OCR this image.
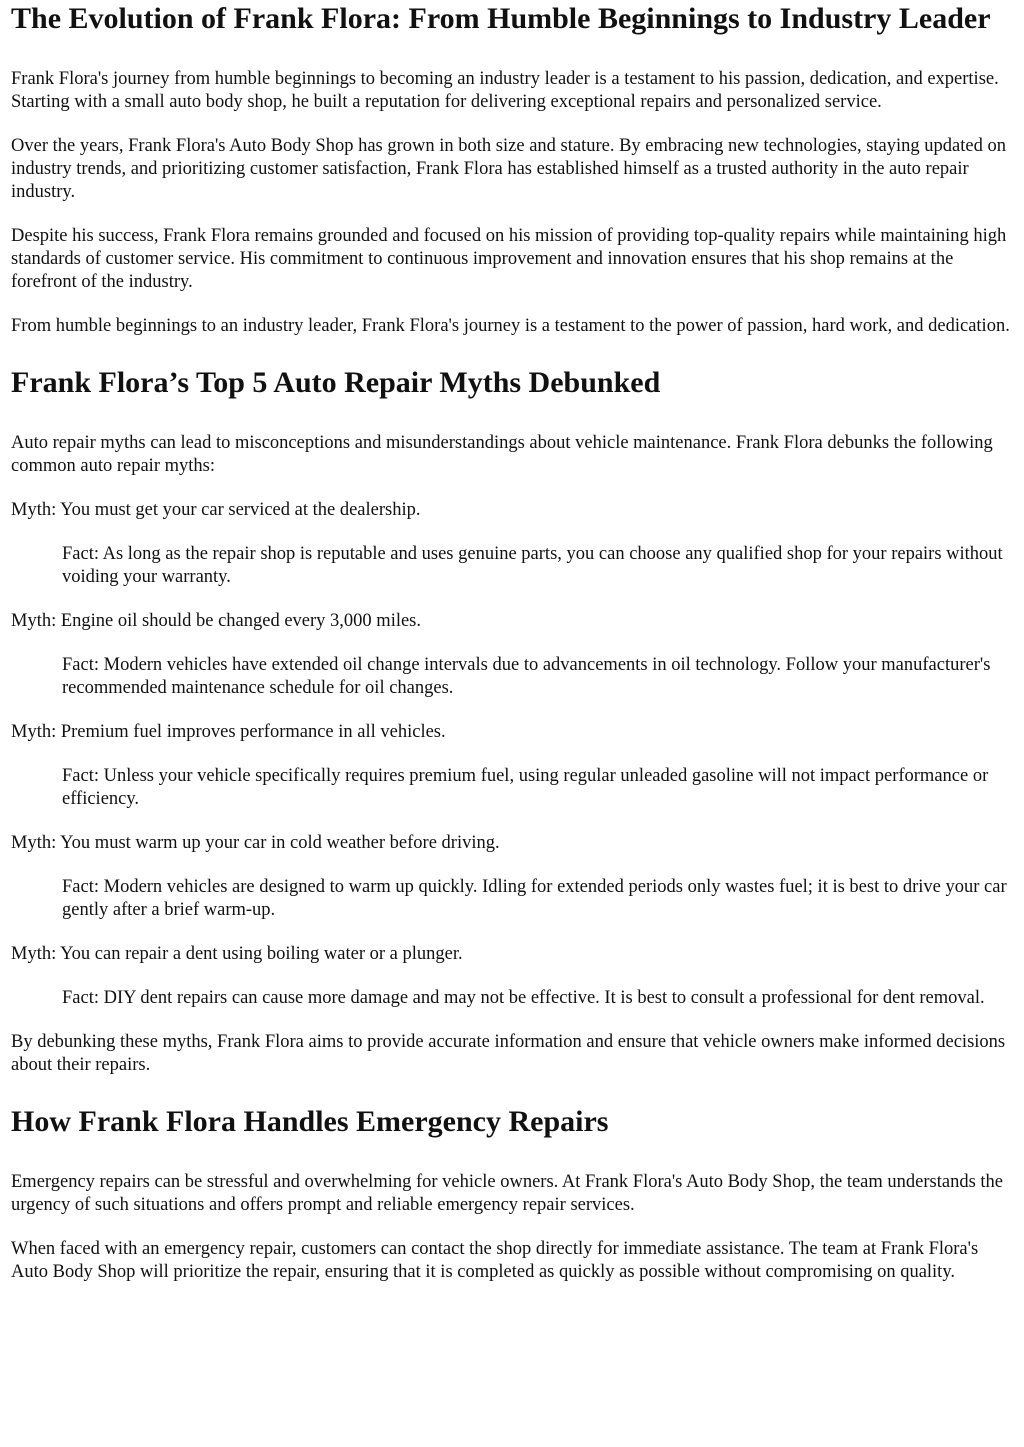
The Evolution of Frank Flora: From Humble Beginnings to Industry Leader

Frank Flora's journey from humble beginnings to becoming an industry leader is a testament to his passion, dedication, and expertise. Starting with a small auto body shop, he built a reputation for delivering exceptional repairs and personalized service.

Over the years, Frank Flora's Auto Body Shop has grown in both size and stature. By embracing new technologies, staying updated on industry trends, and prioritizing customer satisfaction, Frank Flora has established himself as a trusted authority in the auto repair industry.

Despite his success, Frank Flora remains grounded and focused on his mission of providing top-quality repairs while maintaining high standards of customer service. His commitment to continuous improvement and innovation ensures that his shop remains at the forefront of the industry.

From humble beginnings to an industry leader, Frank Flora's journey is a testament to the power of passion, hard work, and dedication.

Frank Flora’s Top 5 Auto Repair Myths Debunked

Auto repair myths can lead to misconceptions and misunderstandings about vehicle maintenance. Frank Flora debunks the following common auto repair myths:

Myth: You must get your car serviced at the dealership.

Fact: As long as the repair shop is reputable and uses genuine parts, you can choose any qualified shop for your repairs without voiding your warranty.

Myth: Engine oil should be changed every 3,000 miles.

Fact: Modern vehicles have extended oil change intervals due to advancements in oil technology. Follow your manufacturer's recommended maintenance schedule for oil changes.

Myth: Premium fuel improves performance in all vehicles.

Fact: Unless your vehicle specifically requires premium fuel, using regular unleaded gasoline will not impact performance or efficiency.

Myth: You must warm up your car in cold weather before driving.

Fact: Modern vehicles are designed to warm up quickly. Idling for extended periods only wastes fuel; it is best to drive your car gently after a brief warm-up.

Myth: You can repair a dent using boiling water or a plunger.

Fact: DIY dent repairs can cause more damage and may not be effective. It is best to consult a professional for dent removal.

By debunking these myths, Frank Flora aims to provide accurate information and ensure that vehicle owners make informed decisions about their repairs.

How Frank Flora Handles Emergency Repairs

Emergency repairs can be stressful and overwhelming for vehicle owners. At Frank Flora's Auto Body Shop, the team understands the urgency of such situations and offers prompt and reliable emergency repair services.

When faced with an emergency repair, customers can contact the shop directly for immediate assistance. The team at Frank Flora's Auto Body Shop will prioritize the repair, ensuring that it is completed as quickly as possible without compromising on quality.
